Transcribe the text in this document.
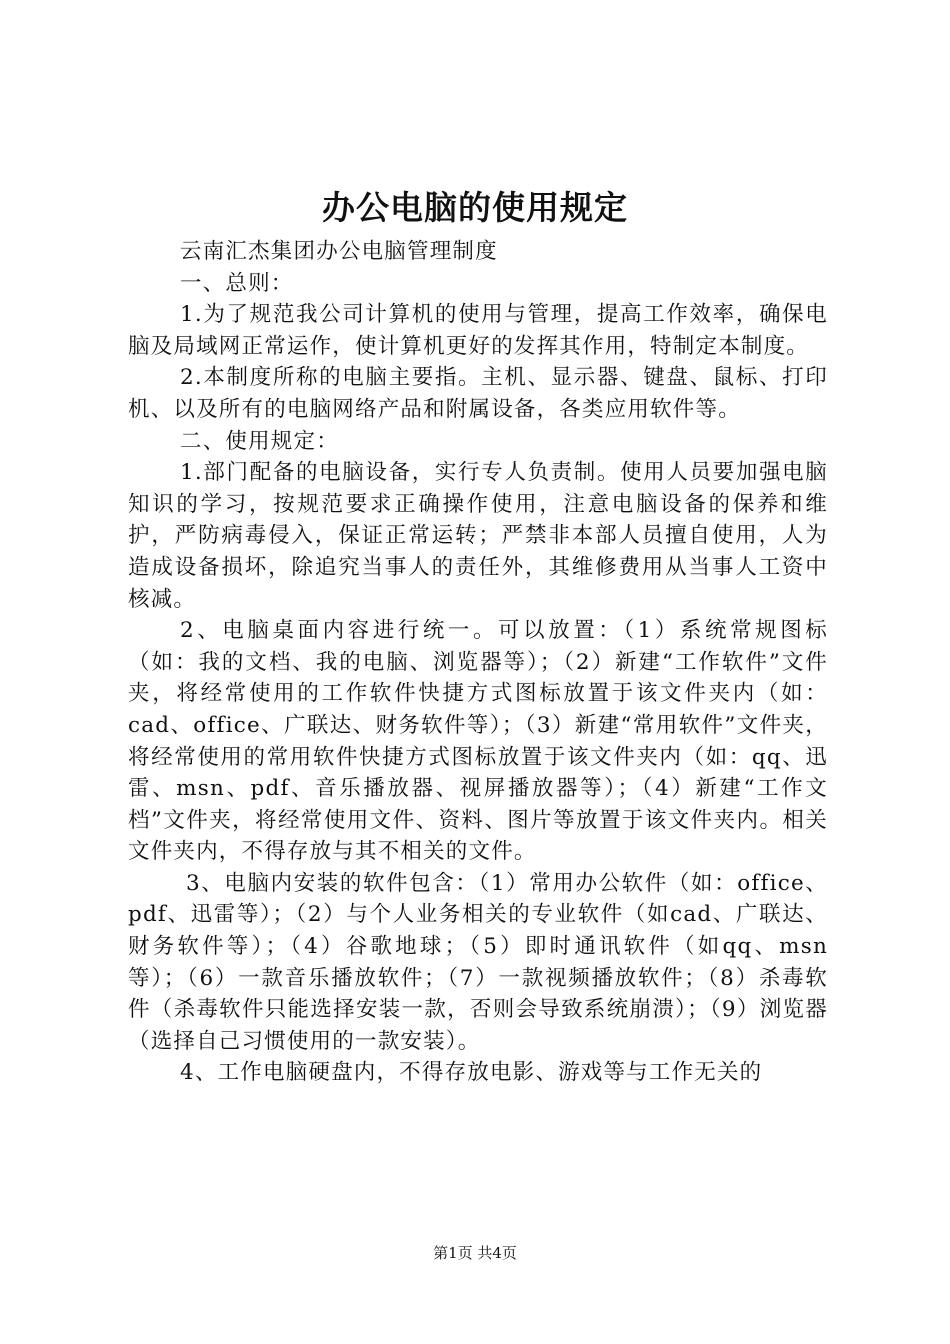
办公电脑的使用规定

云南汇杰集团办公电脑管理制度

一、总则：

1.为了规范我公司计算机的使用与管理，提高工作效率，确保电脑及局域网正常运作，使计算机更好的发挥其作用，特制定本制度。

2.本制度所称的电脑主要指。主机、显示器、键盘、鼠标、打印机、以及所有的电脑网络产品和附属设备，各类应用软件等。

二、使用规定：

1.部门配备的电脑设备，实行专人负责制。使用人员要加强电脑知识的学习，按规范要求正确操作使用，注意电脑设备的保养和维护，严防病毒侵入，保证正常运转；严禁非本部人员擅自使用，人为造成设备损坏，除追究当事人的责任外，其维修费用从当事人工资中核减。

2、电脑桌面内容进行统一。可以放置：（1）系统常规图标（如：我的文档、我的电脑、浏览器等）；（2）新建“工作软件”文件夹，将经常使用的工作软件快捷方式图标放置于该文件夹内（如：cad、office、广联达、财务软件等）；（3）新建“常用软件”文件夹，将经常使用的常用软件快捷方式图标放置于该文件夹内（如：qq、迅雷、msn、pdf、音乐播放器、视屏播放器等）；（4）新建“工作文档”文件夹，将经常使用文件、资料、图片等放置于该文件夹内。相关文件夹内，不得存放与其不相关的文件。

3、电脑内安装的软件包含：（1）常用办公软件（如：office、pdf、迅雷等）；（2）与个人业务相关的专业软件（如cad、广联达、财务软件等）；（4）谷歌地球；（5）即时通讯软件（如qq、msn等）；（6）一款音乐播放软件；（7）一款视频播放软件；（8）杀毒软件（杀毒软件只能选择安装一款，否则会导致系统崩溃）；（9）浏览器（选择自己习惯使用的一款安装）。

4、工作电脑硬盘内，不得存放电影、游戏等与工作无关的

第1页 共4页
